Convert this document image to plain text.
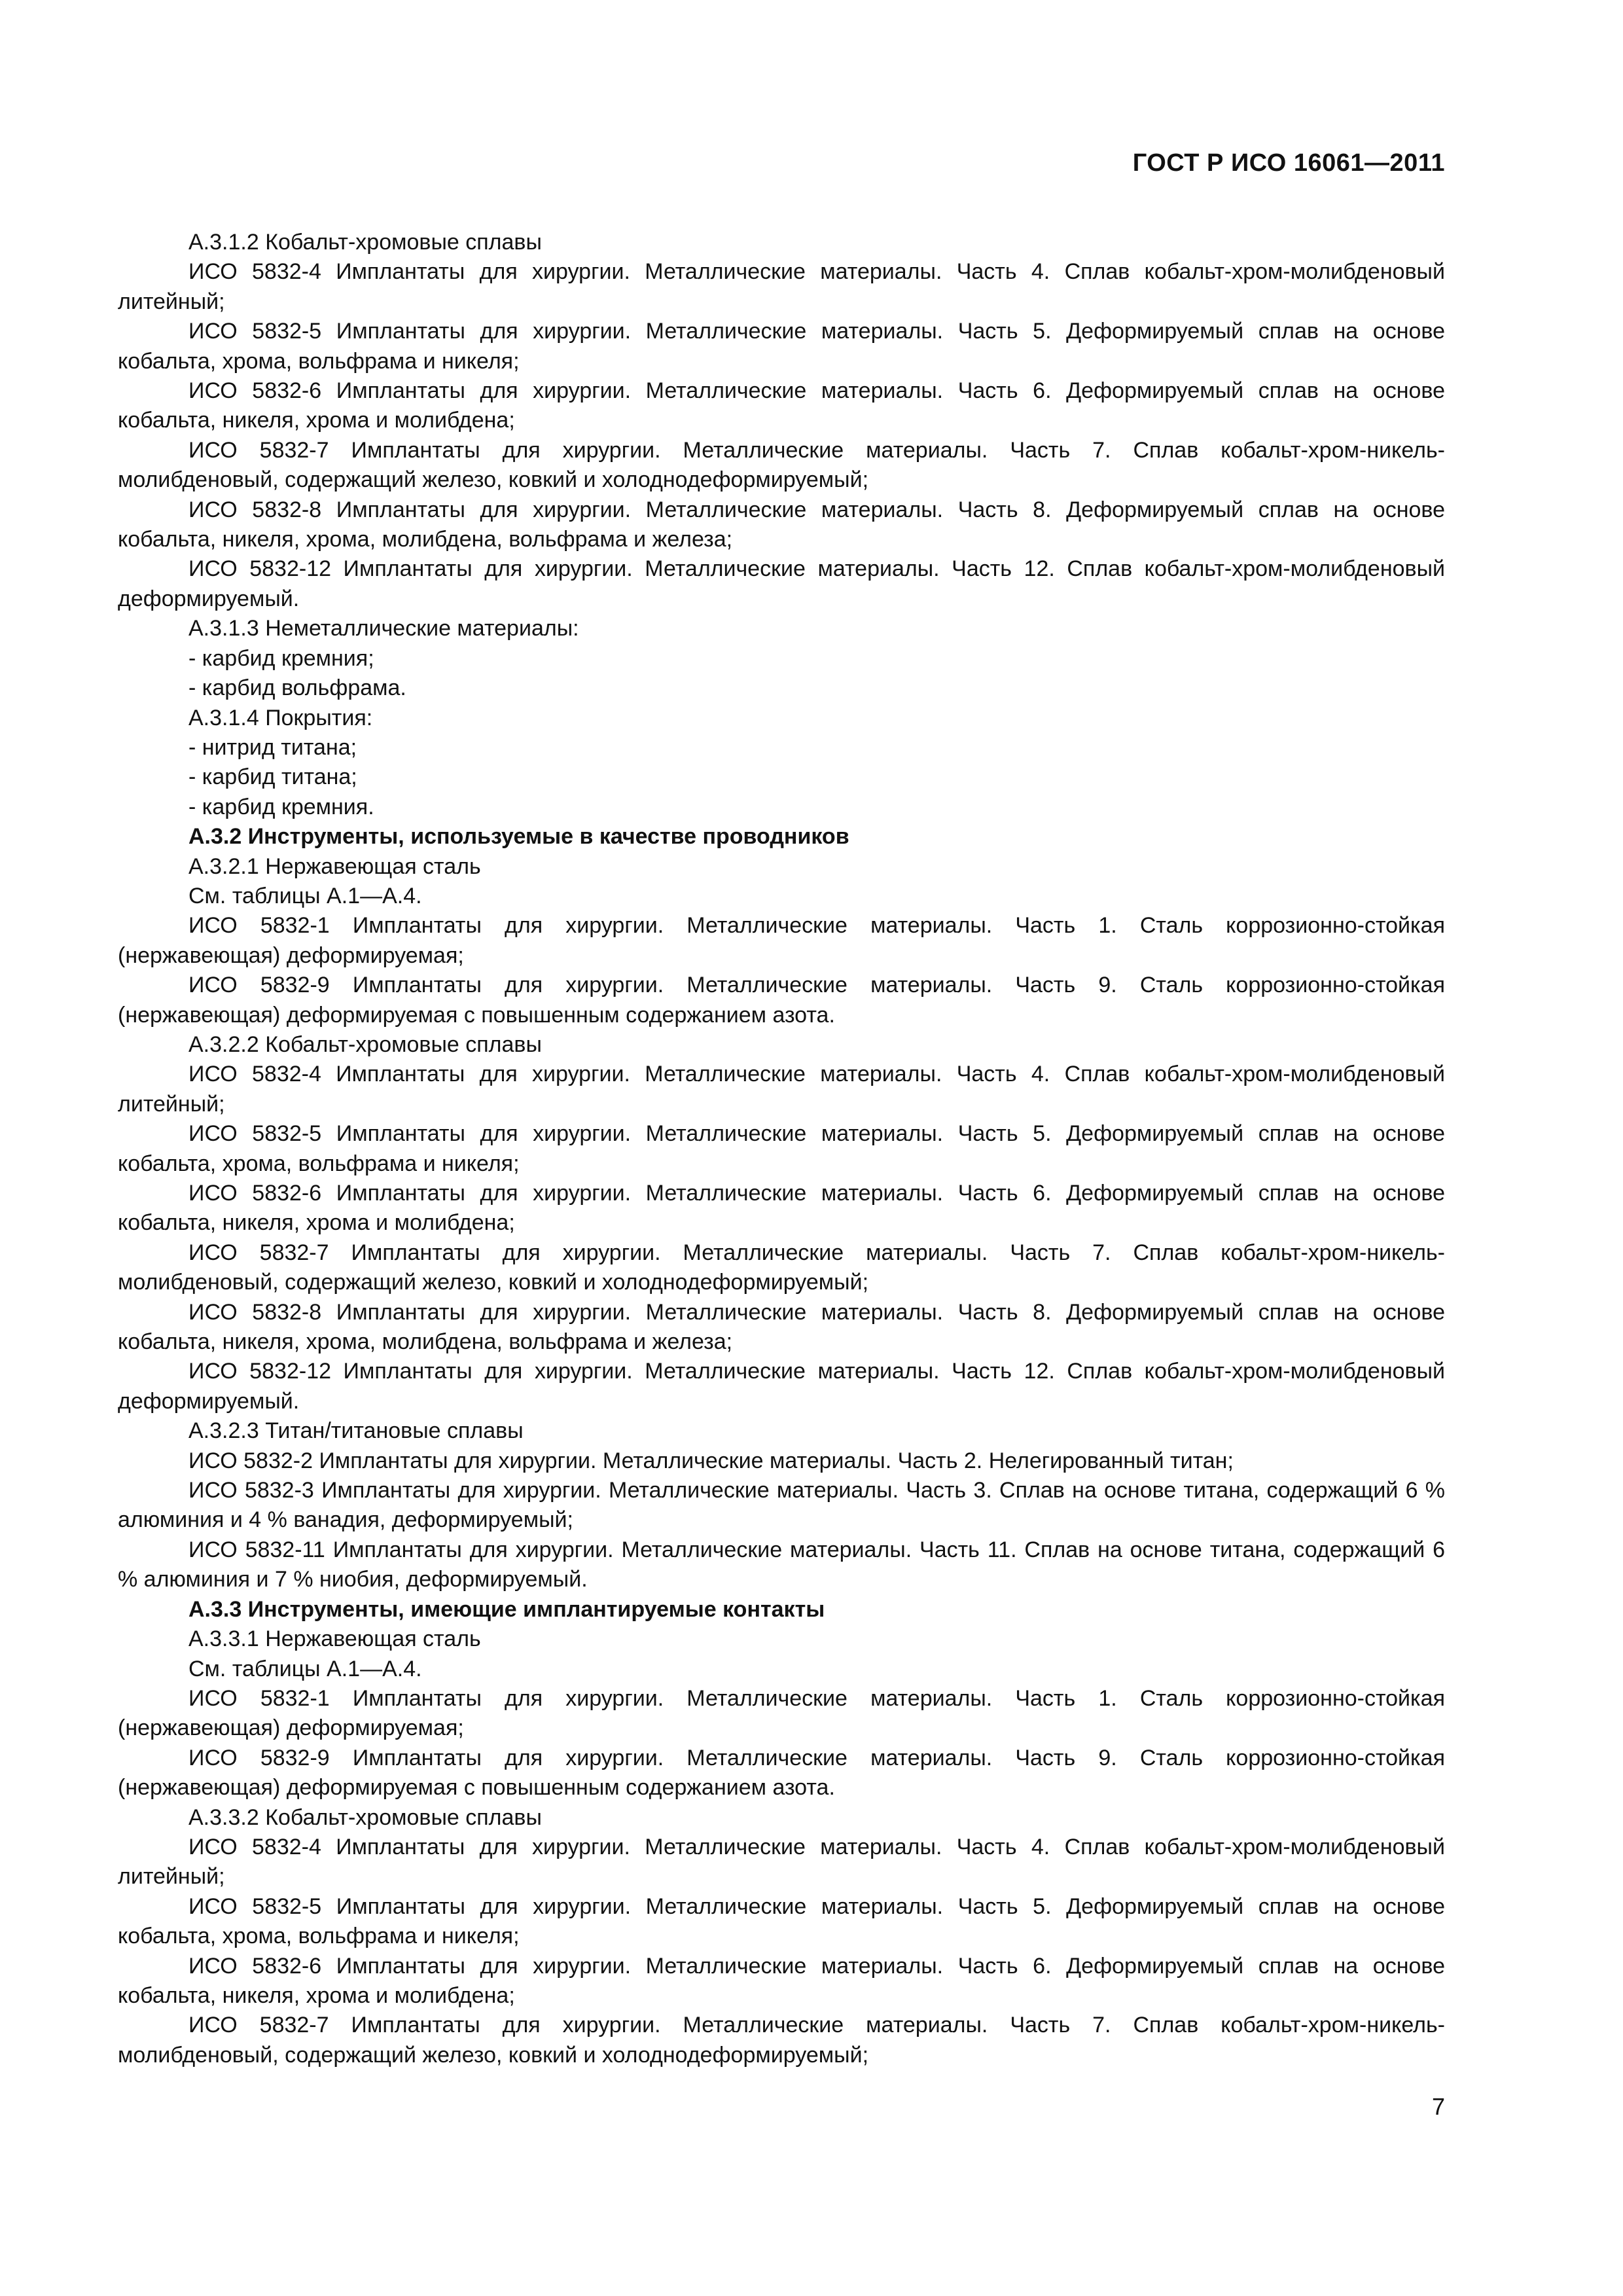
ГОСТ Р ИСО 16061—2011

А.3.1.2 Кобальт-хромовые сплавы

ИСО 5832-4 Имплантаты для хирургии. Металлические материалы. Часть 4. Сплав кобальт-хром-молибденовый литейный;

ИСО 5832-5 Имплантаты для хирургии. Металлические материалы. Часть 5. Деформируемый сплав на основе кобальта, хрома, вольфрама и никеля;

ИСО 5832-6 Имплантаты для хирургии. Металлические материалы. Часть 6. Деформируемый сплав на основе кобальта, никеля, хрома и молибдена;

ИСО 5832-7 Имплантаты для хирургии. Металлические материалы. Часть 7. Сплав кобальт-хром-никель-молибденовый, содержащий железо, ковкий и холоднодеформируемый;

ИСО 5832-8 Имплантаты для хирургии. Металлические материалы. Часть 8. Деформируемый сплав на основе кобальта, никеля, хрома, молибдена, вольфрама и железа;

ИСО 5832-12 Имплантаты для хирургии. Металлические материалы. Часть 12. Сплав кобальт-хром-молибденовый деформируемый.

А.3.1.3 Неметаллические материалы:

- карбид кремния;

- карбид вольфрама.

А.3.1.4 Покрытия:

- нитрид титана;

- карбид титана;

- карбид кремния.

А.3.2 Инструменты, используемые в качестве проводников

А.3.2.1 Нержавеющая сталь

См. таблицы А.1—А.4.

ИСО 5832-1 Имплантаты для хирургии. Металлические материалы. Часть 1. Сталь коррозионно-стойкая (нержавеющая) деформируемая;

ИСО 5832-9 Имплантаты для хирургии. Металлические материалы. Часть 9. Сталь коррозионно-стойкая (нержавеющая) деформируемая с повышенным содержанием азота.

А.3.2.2 Кобальт-хромовые сплавы

ИСО 5832-4 Имплантаты для хирургии. Металлические материалы. Часть 4. Сплав кобальт-хром-молибденовый литейный;

ИСО 5832-5 Имплантаты для хирургии. Металлические материалы. Часть 5. Деформируемый сплав на основе кобальта, хрома, вольфрама и никеля;

ИСО 5832-6 Имплантаты для хирургии. Металлические материалы. Часть 6. Деформируемый сплав на основе кобальта, никеля, хрома и молибдена;

ИСО 5832-7 Имплантаты для хирургии. Металлические материалы. Часть 7. Сплав кобальт-хром-никель-молибденовый, содержащий железо, ковкий и холоднодеформируемый;

ИСО 5832-8 Имплантаты для хирургии. Металлические материалы. Часть 8. Деформируемый сплав на основе кобальта, никеля, хрома, молибдена, вольфрама и железа;

ИСО 5832-12 Имплантаты для хирургии. Металлические материалы. Часть 12. Сплав кобальт-хром-молибденовый деформируемый.

А.3.2.3 Титан/титановые сплавы

ИСО 5832-2 Имплантаты для хирургии. Металлические материалы. Часть 2. Нелегированный титан;

ИСО 5832-3 Имплантаты для хирургии. Металлические материалы. Часть 3. Сплав на основе титана, содержащий 6 % алюминия и 4 % ванадия, деформируемый;

ИСО 5832-11 Имплантаты для хирургии. Металлические материалы. Часть 11. Сплав на основе титана, содержащий 6 % алюминия и 7 % ниобия, деформируемый.

А.3.3 Инструменты, имеющие имплантируемые контакты

А.3.3.1 Нержавеющая сталь

См. таблицы А.1—А.4.

ИСО 5832-1 Имплантаты для хирургии. Металлические материалы. Часть 1. Сталь коррозионно-стойкая (нержавеющая) деформируемая;

ИСО 5832-9 Имплантаты для хирургии. Металлические материалы. Часть 9. Сталь коррозионно-стойкая (нержавеющая) деформируемая с повышенным содержанием азота.

А.3.3.2 Кобальт-хромовые сплавы

ИСО 5832-4 Имплантаты для хирургии. Металлические материалы. Часть 4. Сплав кобальт-хром-молибденовый литейный;

ИСО 5832-5 Имплантаты для хирургии. Металлические материалы. Часть 5. Деформируемый сплав на основе кобальта, хрома, вольфрама и никеля;

ИСО 5832-6 Имплантаты для хирургии. Металлические материалы. Часть 6. Деформируемый сплав на основе кобальта, никеля, хрома и молибдена;

ИСО 5832-7 Имплантаты для хирургии. Металлические материалы. Часть 7. Сплав кобальт-хром-никель-молибденовый, содержащий железо, ковкий и холоднодеформируемый;

7
